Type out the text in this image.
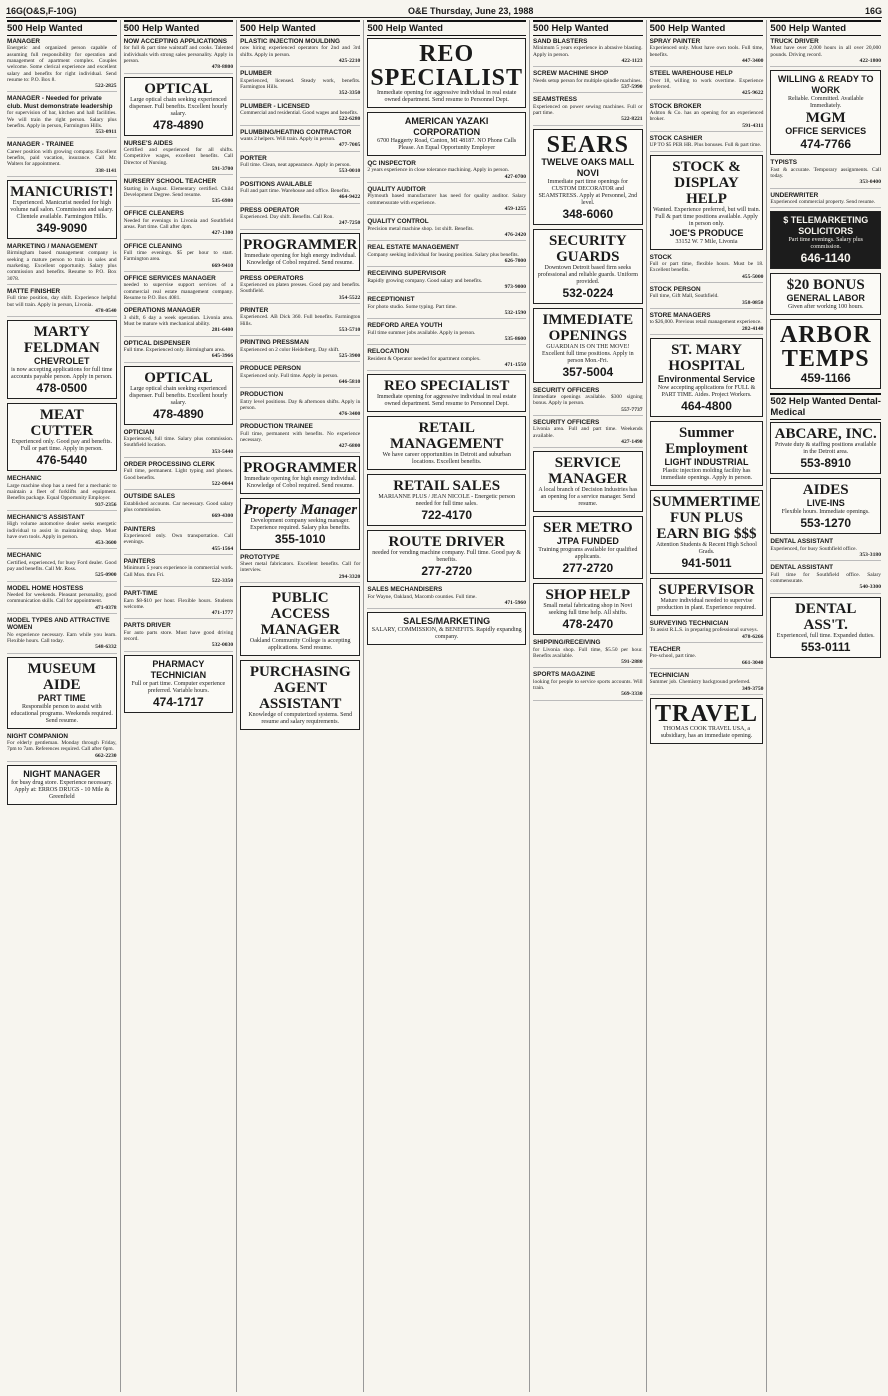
16G(O&S,F-10G)	O&E Thursday, June 23, 1988	16G
500 Help Wanted
MANAGER
Energetic and organized person capable of assuming full responsibility for operation and management of apartment complex. Couples welcome. Some clerical experience and excellent salary and benefits for right individual. Send resume to: P.O. Box 8.
522-2825
MANAGER - Needed for private club. Must demonstrate leadership
for supervision of bar, kitchen and hall facilities. We will train the right person. Salary plus benefits. Apply in person, Farmington Hills.
553-0911
MANAGER - TRAINEE
Career position with growing company. Excellent benefits, paid vacation, insurance. Call Mr. Walters for appointment.
338-1141
MANICURIST!
Experienced. Manicurist needed for high volume nail salon. Commission and salary. Clientele available. Farmington Hills.
349-9090
MARKETING / MANAGEMENT
Birmingham based management company is seeking a mature person to train in sales and marketing. Excellent opportunity. Salary plus commission and benefits. Resume to P.O. Box 3078.
MATTE FINISHER
Full time position, day shift. Experience helpful but will train. Apply in person, Livonia.
478-0540
MARTY FELDMAN
CHEVROLET
is now accepting applications for full time accounts payable person. Apply in person.
478-0500
MEAT CUTTER
Experienced only. Good pay and benefits. Full or part time. Apply in person.
476-5440
MECHANIC
Large machine shop has a need for a mechanic to maintain a fleet of forklifts and equipment. Benefits package. Equal Opportunity Employer.
937-2356
MECHANIC'S ASSISTANT
High volume automotive dealer seeks energetic individual to assist in maintaining shop. Must have own tools. Apply in person.
453-3600
MECHANIC
Certified, experienced, for busy Ford dealer. Good pay and benefits. Call Mr. Ross.
525-0900
MODEL HOME HOSTESS
Needed for weekends. Pleasant personality, good communication skills. Call for appointment.
471-0378
MODEL TYPES AND ATTRACTIVE WOMEN
No experience necessary. Earn while you learn. Flexible hours. Call today.
548-6332
MUSEUM AIDE
PART TIME
Responsible person to assist with educational programs. Weekends required. Send resume.
NIGHT COMPANION
For elderly gentleman. Monday through Friday, 7pm to 7am. References required. Call after 6pm.
662-2230
NIGHT MANAGER
for busy drug store. Experience necessary. Apply at: ERROS DRUGS - 10 Mile & Greenfield
500 Help Wanted
NOW ACCEPTING APPLICATIONS
for full & part time waitstaff and cooks. Talented individuals with strong sales personality. Apply in person.
478-8800
OPTICAL
Large optical chain seeking experienced dispenser. Full benefits. Excellent hourly salary.
478-4890
NURSE'S AIDES
Certified and experienced for all shifts. Competitive wages, excellent benefits. Call Director of Nursing.
591-3700
NURSERY SCHOOL TEACHER
Starting in August. Elementary certified. Child Development Degree. Send resume.
535-6980
OFFICE CLEANERS
Needed for evenings in Livonia and Southfield areas. Part time. Call after 4pm.
427-1300
OFFICE CLEANING
Full time evenings. $5 per hour to start. Farmington area.
669-9410
OFFICE SERVICES MANAGER
needed to supervise support services of a commercial real estate management company. Resume to P.O. Box 4081.
OPERATIONS MANAGER
3 shift, 6 day a week operation. Livonia area. Must be mature with mechanical ability.
281-6400
OPTICAL DISPENSER
Full time. Experienced only. Birmingham area.
645-3966
OPTICAL
Large optical chain seeking experienced dispenser. Full benefits. Excellent hourly salary.
478-4890
OPTICIAN
Experienced, full time. Salary plus commission. Southfield location.
353-5440
ORDER PROCESSING CLERK
Full time, permanent. Light typing and phones. Good benefits.
522-0044
OUTSIDE SALES
Established accounts. Car necessary. Good salary plus commission.
669-4300
PAINTERS
Experienced only. Own transportation. Call evenings.
455-1564
PAINTERS
Minimum 5 years experience in commercial work. Call Mon. thru Fri.
522-3350
PART-TIME
Earn $8-$10 per hour. Flexible hours. Students welcome.
471-1777
PARTS DRIVER
For auto parts store. Must have good driving record.
532-0030
PHARMACY TECHNICIAN
Full or part time. Computer experience preferred. Variable hours.
474-1717
500 Help Wanted
PLASTIC INJECTION MOULDING
now hiring experienced operators for 2nd and 3rd shifts. Apply in person.
425-2210
PLUMBER
Experienced, licensed. Steady work, benefits. Farmington Hills.
352-3350
PLUMBER - LICENSED
Commercial and residential. Good wages and benefits.
522-6280
PLUMBING/HEATING CONTRACTOR
wants 2 helpers. Will train. Apply in person.
477-7005
PORTER
Full time. Clean, neat appearance. Apply in person.
553-0010
POSITIONS AVAILABLE
Full and part time. Warehouse and office. Benefits.
464-9422
PRESS OPERATOR
Experienced. Day shift. Benefits. Call Ron.
247-7250
PROGRAMMER
Immediate opening for high energy individual. Knowledge of Cobol required. Send resume.
PRESS OPERATORS
Experienced on platen presses. Good pay and benefits. Southfield.
354-5522
PRINTER
Experienced. AB Dick 360. Full benefits. Farmington Hills.
553-5710
PRINTING PRESSMAN
Experienced on 2 color Heidelberg. Day shift.
525-3900
PRODUCE PERSON
Experienced only. Full time. Apply in person.
646-5810
PRODUCTION
Entry level positions. Day & afternoon shifts. Apply in person.
476-3400
PRODUCTION TRAINEE
Full time, permanent with benefits. No experience necessary.
427-6800
PROGRAMMER
Immediate opening for high energy individual. Knowledge of Cobol required. Send resume.
Property Manager
Development company seeking manager. Experience required. Salary plus benefits.
355-1010
PROTOTYPE
Sheet metal fabricators. Excellent benefits. Call for interview.
294-3320
PUBLIC ACCESS MANAGER
Oakland Community College is accepting applications. Send resume.
PURCHASING AGENT ASSISTANT
Knowledge of computerized systems. Send resume and salary requirements.
500 Help Wanted
REO SPECIALIST
Immediate opening for aggressive individual in real estate owned department. Send resume to Personnel Dept.
AMERICAN YAZAKI CORPORATION
6700 Haggerty Road, Canton, MI 48187. NO Phone Calls Please. An Equal Opportunity Employer
QC INSPECTOR
2 years experience in close tolerance machining. Apply in person.
427-0700
QUALITY AUDITOR
Plymouth based manufacturer has need for quality auditor. Salary commensurate with experience.
459-1255
QUALITY CONTROL
Precision metal machine shop. 1st shift. Benefits.
476-2420
REAL ESTATE MANAGEMENT
Company seeking individual for leasing position. Salary plus benefits.
626-7000
RECEIVING SUPERVISOR
Rapidly growing company. Good salary and benefits.
973-9000
RECEPTIONIST
For photo studio. Some typing. Part time.
532-1590
REDFORD AREA YOUTH
Full time summer jobs available. Apply in person.
535-8600
RELOCATION
Resident & Operator needed for apartment complex.
471-1550
REO SPECIALIST
Immediate opening for aggressive individual in real estate owned department. Send resume to Personnel Dept.
RETAIL MANAGEMENT
We have career opportunities in Detroit and suburban locations. Excellent benefits.
RETAIL SALES
MARIANNE PLUS / JEAN NICOLE - Energetic person needed for full time sales.
722-4170
ROUTE DRIVER
needed for vending machine company. Full time. Good pay & benefits.
277-2720
SALES MECHANDISERS
For Wayne, Oakland, Macomb counties. Full time.
471-5960
SALES/MARKETING
SALARY, COMMISSION, & BENEFITS. Rapidly expanding company.
500 Help Wanted
SAND BLASTERS
Minimum 5 years experience in abrasive blasting. Apply in person.
422-1123
SCREW MACHINE SHOP
Needs setup person for multiple spindle machines.
537-5990
SEAMSTRESS
Experienced on power sewing machines. Full or part time.
522-8221
SEARS
TWELVE OAKS MALL NOVI
Immediate part time openings for CUSTOM DECORATOR and SEAMSTRESS. Apply at Personnel, 2nd level.
348-6060
SECURITY GUARDS
Downtown Detroit based firm seeks professional and reliable guards. Uniform provided.
532-0224
IMMEDIATE OPENINGS
GUARDIAN IS ON THE MOVE! Excellent full time positions. Apply in person Mon.-Fri.
357-5004
SECURITY OFFICERS
Immediate openings available. $300 signing bonus. Apply in person.
557-7737
SECURITY OFFICERS
Livonia area. Full and part time. Weekends available.
427-1490
SERVICE MANAGER
A local branch of Decision Industries has an opening for a service manager. Send resume.
SER METRO
JTPA FUNDED
Training programs available for qualified applicants.
277-2720
SHOP HELP
Small metal fabricating shop in Novi seeking full time help. All shifts.
478-2470
SHIPPING/RECEIVING
for Livonia shop. Full time, $5.50 per hour. Benefits available.
591-2880
SPORTS MAGAZINE
looking for people to service sports accounts. Will train.
569-3330
500 Help Wanted
SPRAY PAINTER
Experienced only. Must have own tools. Full time, benefits.
447-3400
STEEL WAREHOUSE HELP
Over 18, willing to work overtime. Experience preferred.
425-9622
STOCK BROKER
Ashton & Co. has an opening for an experienced broker.
591-4311
STOCK CASHIER
UP TO $5 PER HR. Plus bonuses. Full & part time.
STOCK & DISPLAY HELP
Wanted. Experience preferred, but will train. Full & part time positions available. Apply in person only.
JOE'S PRODUCE
33152 W. 7 Mile, Livonia
STOCK
Full or part time, flexible hours. Must be 18. Excellent benefits.
455-5000
STOCK PERSON
Full time, Gift Mall, Southfield.
358-0850
STORE MANAGERS
to $26,000. Previous retail management experience.
282-4140
ST. MARY HOSPITAL
Environmental Service
Now accepting applications for FULL & PART TIME. Aides. Project Workers.
464-4800
Summer Employment
LIGHT INDUSTRIAL
Plastic injection molding facility has immediate openings. Apply in person.
SUMMERTIME FUN PLUS EARN BIG $$$
Attention Students & Recent High School Grads.
941-5011
SUPERVISOR
Mature individual needed to supervise production in plant. Experience required.
SURVEYING TECHNICIAN
To assist R.L.S. in preparing professional surveys.
478-6266
TEACHER
Pre-school, part time.
661-3040
TECHNICIAN
Summer job. Chemistry background preferred.
349-3750
TRAVEL
THOMAS COOK TRAVEL USA, a subsidiary, has an immediate opening.
500 Help Wanted
TRUCK DRIVER
Must have over 2,000 hours in all over 20,000 pounds. Driving record.
422-1800
WILLING & READY TO WORK
Reliable. Committed. Available Immediately.
MGM
OFFICE SERVICES
474-7766
TYPISTS
Fast & accurate. Temporary assignments. Call today.
353-0400
UNDERWRITER
Experienced commercial property. Send resume.
$ TELEMARKETING SOLICITORS
Part time evenings. Salary plus commission.
646-1140
$20 BONUS
GENERAL LABOR
Given after working 100 hours.
ARBOR TEMPS
459-1166
502 Help Wanted Dental-Medical
ABCARE, INC.
Private duty & staffing positions available in the Detroit area.
553-8910
AIDES
LIVE-INS
Flexible hours. Immediate openings.
553-1270
DENTAL ASSISTANT
Experienced, for busy Southfield office.
353-3180
DENTAL ASSISTANT
Full time for Southfield office. Salary commensurate.
540-3300
DENTAL ASS'T.
Experienced, full time. Expanded duties.
553-0111
